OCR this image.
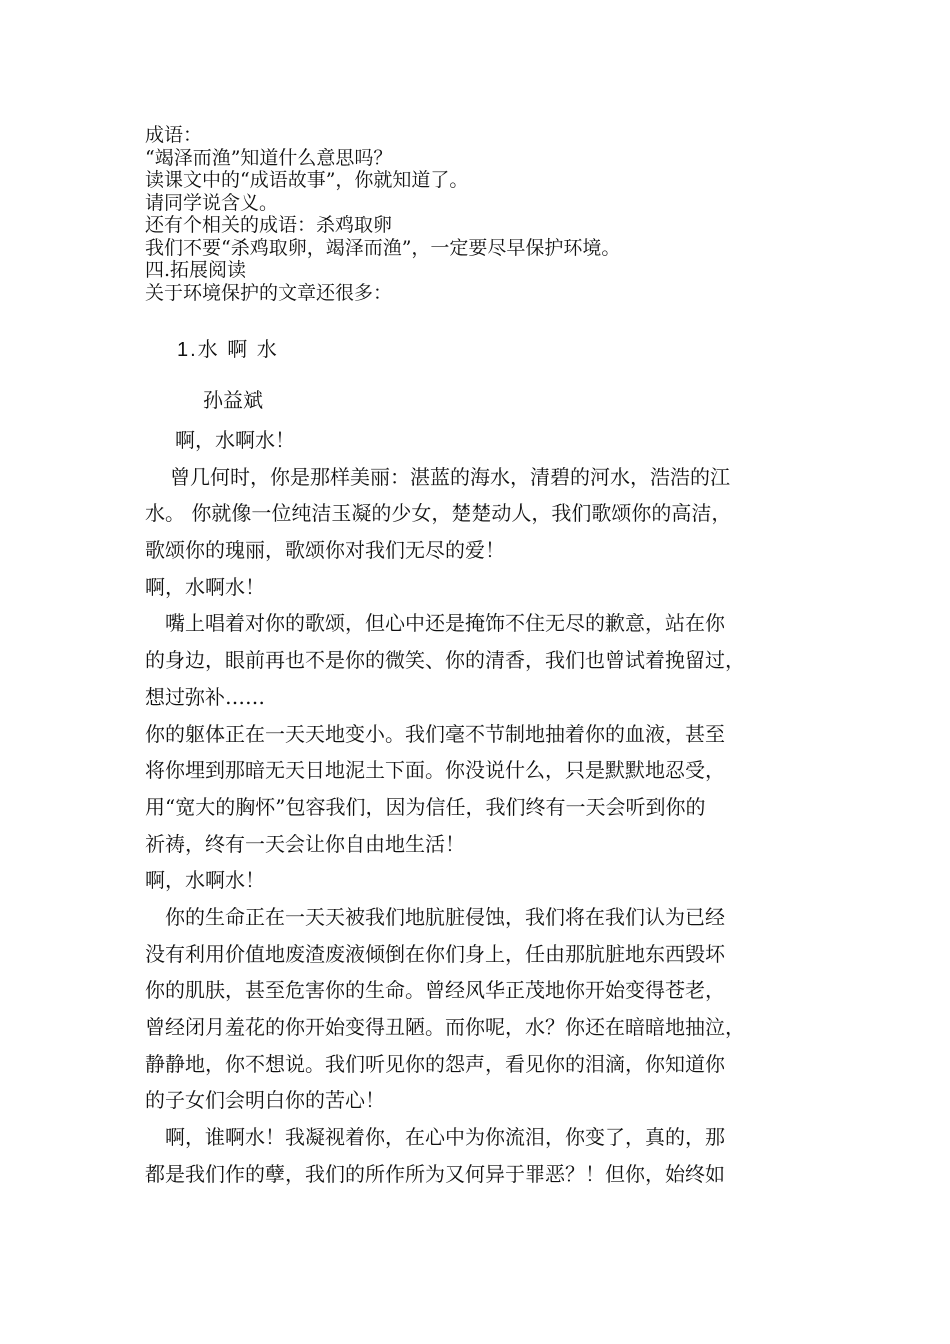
成语：
“竭泽而渔”知道什么意思吗？
读课文中的“成语故事”，你就知道了。
请同学说含义。
还有个相关的成语：杀鸡取卵
我们不要“杀鸡取卵，竭泽而渔”，一定要尽早保护环境。
四.拓展阅读
关于环境保护的文章还很多：
1.水 啊 水
孙益斌
啊，水啊水！
曾几何时，你是那样美丽：湛蓝的海水，清碧的河水，浩浩的江
水。 你就像一位纯洁玉凝的少女，楚楚动人，我们歌颂你的高洁，
歌颂你的瑰丽，歌颂你对我们无尽的爱！
啊，水啊水！
嘴上唱着对你的歌颂，但心中还是掩饰不住无尽的歉意，站在你
的身边，眼前再也不是你的微笑、你的清香，我们也曾试着挽留过，
想过弥补……
你的躯体正在一天天地变小。我们毫不节制地抽着你的血液，甚至
将你埋到那暗无天日地泥土下面。你没说什么，只是默默地忍受，
用“宽大的胸怀”包容我们，因为信任，我们终有一天会听到你的
祈祷，终有一天会让你自由地生活！
啊，水啊水！
你的生命正在一天天被我们地肮脏侵蚀，我们将在我们认为已经
没有利用价值地废渣废液倾倒在你们身上，任由那肮脏地东西毁坏
你的肌肤，甚至危害你的生命。曾经风华正茂地你开始变得苍老，
曾经闭月羞花的你开始变得丑陋。而你呢，水？你还在暗暗地抽泣，
静静地，你不想说。我们听见你的怨声，看见你的泪滴，你知道你
的子女们会明白你的苦心！
啊，谁啊水！我凝视着你，在心中为你流泪，你变了，真的，那
都是我们作的孽，我们的所作所为又何异于罪恶？！但你，始终如
